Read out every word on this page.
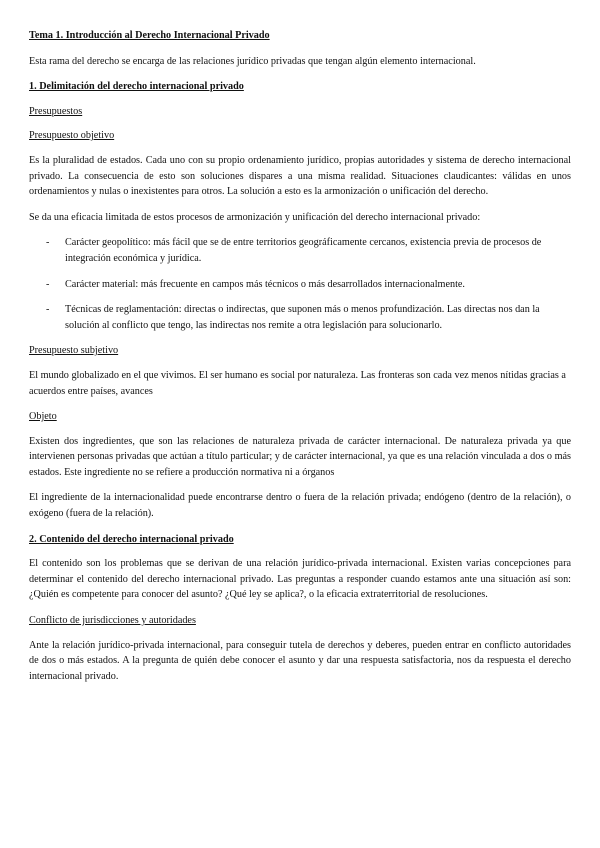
Tema 1. Introducción al Derecho Internacional Privado

Esta rama del derecho se encarga de las relaciones jurídico privadas que tengan algún elemento internacional.

1. Delimitación del derecho internacional privado
Presupuestos
Presupuesto objetivo

Es la pluralidad de estados. Cada uno con su propio ordenamiento jurídico, propias autoridades y sistema de derecho internacional privado. La consecuencia de esto son soluciones dispares a una misma realidad. Situaciones claudicantes: válidas en unos ordenamientos y nulas o inexistentes para otros. La solución a esto es la armonización o unificación del derecho.

Se da una eficacia limitada de estos procesos de armonización y unificación del derecho internacional privado:

- Carácter geopolítico: más fácil que se de entre territorios geográficamente cercanos, existencia previa de procesos de integración económica y jurídica.
- Carácter material: más frecuente en campos más técnicos o más desarrollados internacionalmente.
- Técnicas de reglamentación: directas o indirectas, que suponen más o menos profundización. Las directas nos dan la solución al conflicto que tengo, las indirectas nos remite a otra legislación para solucionarlo.
Presupuesto subjetivo

El mundo globalizado en el que vivimos. El ser humano es social por naturaleza. Las fronteras son cada vez menos nítidas gracias a acuerdos entre países, avances

Objeto

Existen dos ingredientes, que son las relaciones de naturaleza privada de carácter internacional. De naturaleza privada ya que intervienen personas privadas que actúan a título particular; y de carácter internacional, ya que es una relación vinculada a dos o más estados. Este ingrediente no se refiere a producción normativa ni a órganos

El ingrediente de la internacionalidad puede encontrarse dentro o fuera de la relación privada; endógeno (dentro de la relación), o exógeno (fuera de la relación).

2. Contenido del derecho internacional privado

El contenido son los problemas que se derivan de una relación jurídico-privada internacional. Existen varias concepciones para determinar el contenido del derecho internacional privado. Las preguntas a responder cuando estamos ante una situación así son: ¿Quién es competente para conocer del asunto? ¿Qué ley se aplica?, o la eficacia extraterritorial de resoluciones.

Conflicto de jurisdicciones y autoridades

Ante la relación jurídico-privada internacional, para conseguir tutela de derechos y deberes, pueden entrar en conflicto autoridades de dos o más estados. A la pregunta de quién debe conocer el asunto y dar una respuesta satisfactoria, nos da respuesta el derecho internacional privado.
